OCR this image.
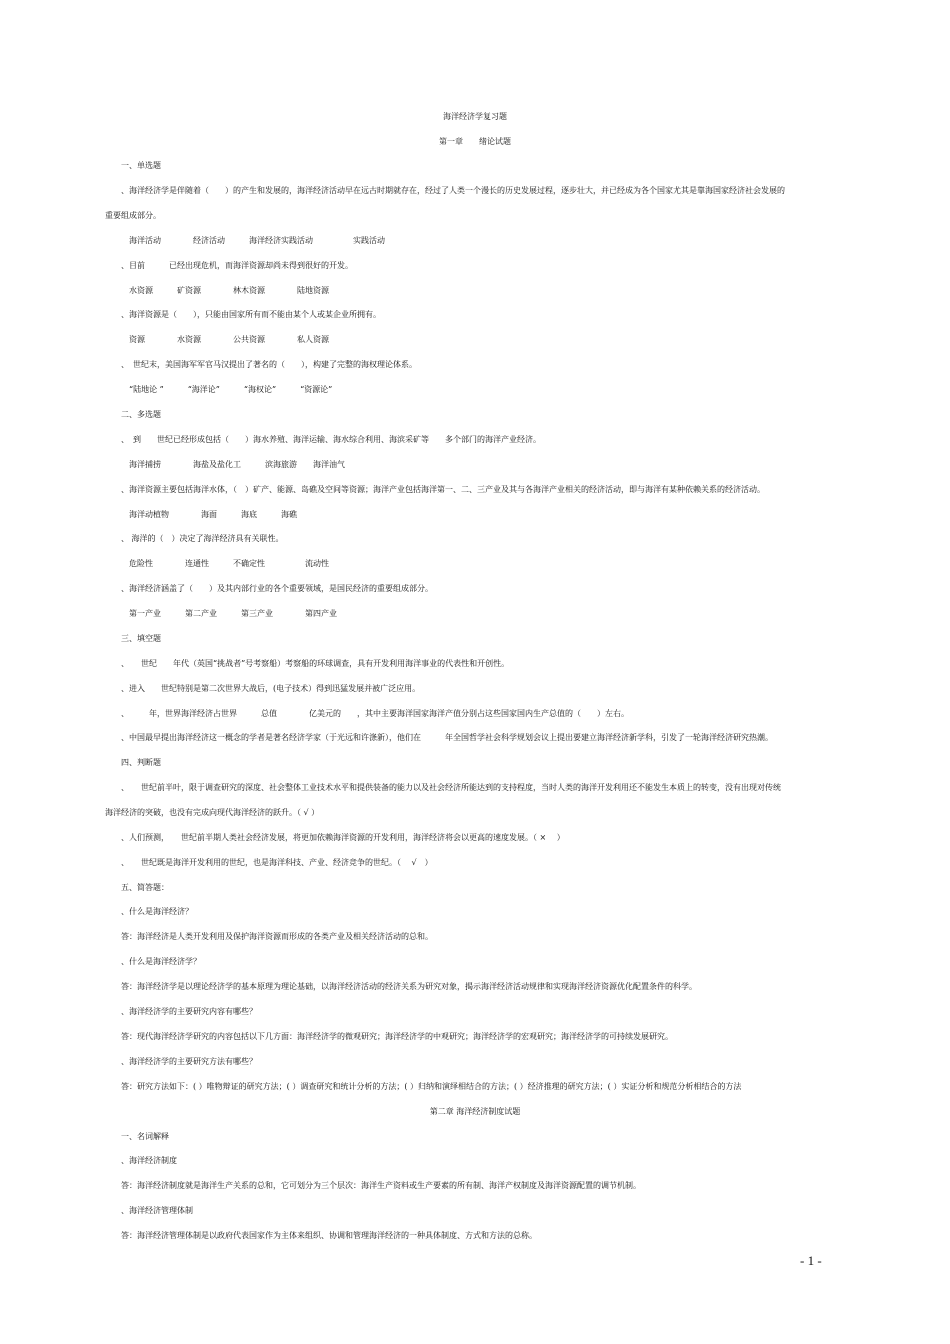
海洋经济学复习题
第一章　　绪论试题
一、单选题
、海洋经济学是伴随着（　　）的产生和发展的，海洋经济活动早在远古时期就存在，经过了人类一个漫长的历史发展过程，逐步壮大，并已经成为各个国家尤其是靠海国家经济社会发展的
重要组成部分。
海洋活动　　　　经济活动　　　海洋经济实践活动　　　　　实践活动
、目前　　　已经出现危机，而海洋资源却尚未得到很好的开发。
水资源　　　矿资源　　　　林木资源　　　　陆地资源
、海洋资源是（　　），只能由国家所有而不能由某个人或某企业所拥有。
资源　　　　水资源　　　　公共资源　　　　私人资源
、　世纪末，美国海军军官马汉提出了著名的（　　），构建了完整的海权理论体系。
“陆地论 ”　　　“海洋论”　　　“海权论”　　　“资源论”
二、多选题
、　到　　世纪已经形成包括（　　）海水养殖、海洋运输、海水综合利用、海滨采矿等　　多个部门的海洋产业经济。
海洋捕捞　　　　海盐及盐化工　　　滨海旅游　　海洋油气
、海洋资源主要包括海洋水体，（　）矿产、能源、岛礁及空间等资源；海洋产业包括海洋第一、二、三产业及其与各海洋产业相关的经济活动，即与海洋有某种依赖关系的经济活动。
海洋动植物　　　　海面　　　海底　　　海礁
、 海洋的（　）决定了海洋经济具有关联性。
危险性　　　　连通性　　　不确定性　　　　　流动性
、海洋经济涵盖了（　　）及其内部行业的各个重要领域，是国民经济的重要组成部分。
第一产业　　　第二产业　　　第三产业　　　　第四产业
三、填空题
、　　世纪　　年代（英国“挑战者”号考察船）考察船的环球调查，具有开发利用海洋事业的代表性和开创性。
、进入　　世纪特别是第二次世界大战后，(电子技术）得到迅猛发展并被广泛应用。
、　　　年，世界海洋经济占世界　　　总值　　　　亿美元的　　，其中主要海洋国家海洋产值分别占这些国家国内生产总值的（　　）左右。
、中国最早提出海洋经济这一概念的学者是著名经济学家（于光远和许涤新），他们在　　　年全国哲学社会科学规划会议上提出要建立海洋经济新学科，引发了一轮海洋经济研究热潮。
四、判断题
、　　世纪前半叶，限于调查研究的深度、社会整体工业技术水平和提供装备的能力以及社会经济所能达到的支持程度，当时人类的海洋开发利用还不能发生本质上的转变，没有出现对传统
海洋经济的突破，也没有完成向现代海洋经济的跃升。（ √ ）
、人们预测，　　世纪前半期人类社会经济发展，将更加依赖海洋资源的开发利用，海洋经济将会以更高的速度发展。（ × 　）
、　　世纪既是海洋开发利用的世纪，也是海洋科技、产业、经济竞争的世纪。（　 √　）
五、简答题：
、什么是海洋经济？
答：海洋经济是人类开发利用及保护海洋资源而形成的各类产业及相关经济活动的总和。
、什么是海洋经济学？
答：海洋经济学是以理论经济学的基本原理为理论基础，以海洋经济活动的经济关系为研究对象，揭示海洋经济活动规律和实现海洋经济资源优化配置条件的科学。
、海洋经济学的主要研究内容有哪些？
答：现代海洋经济学研究的内容包括以下几方面：海洋经济学的微观研究；海洋经济学的中观研究；海洋经济学的宏观研究；海洋经济学的可持续发展研究。
、海洋经济学的主要研究方法有哪些？
答：研究方法如下：( ）唯物辩证的研究方法；( ）调查研究和统计分析的方法；( ）归纳和演绎相结合的方法；( ）经济推理的研究方法；( ）实证分析和规范分析相结合的方法
第二章 海洋经济制度试题
一、名词解释
、海洋经济制度
答：海洋经济制度就是海洋生产关系的总和，它可划分为三个层次：海洋生产资料或生产要素的所有制、海洋产权制度及海洋资源配置的调节机制。
、海洋经济管理体制
答：海洋经济管理体制是以政府代表国家作为主体来组织、协调和管理海洋经济的一种具体制度、方式和方法的总称。
- 1 -
